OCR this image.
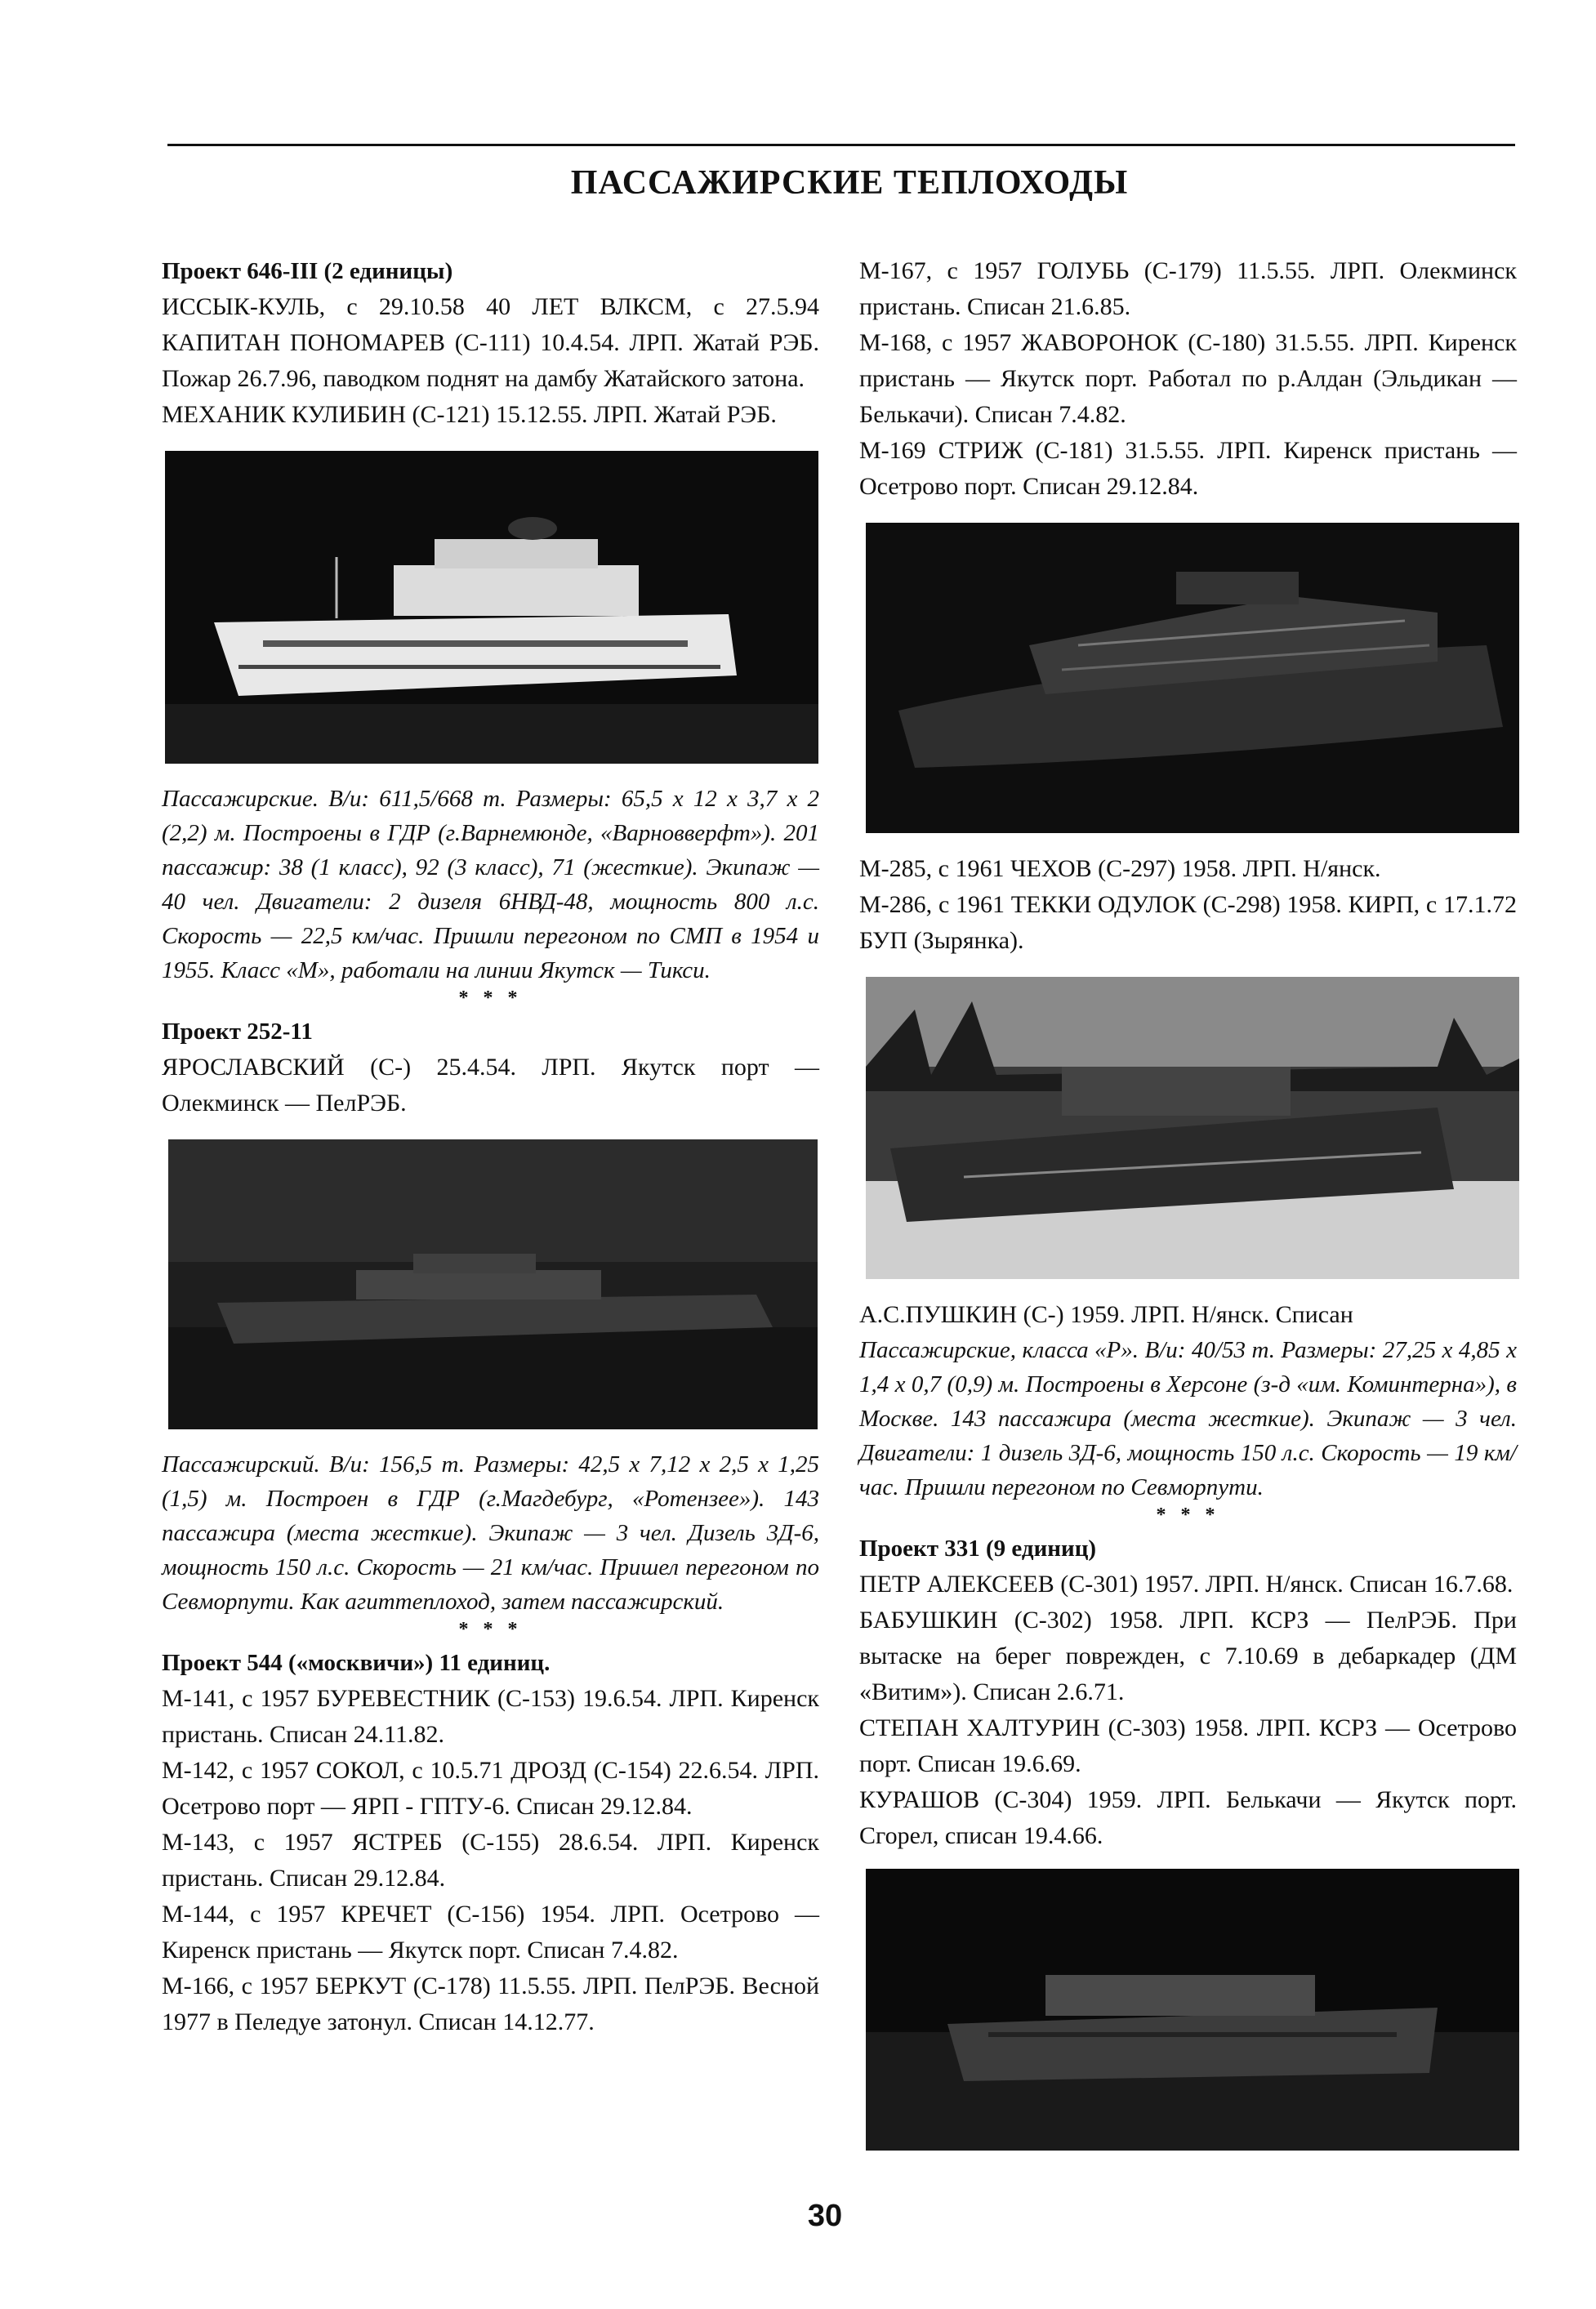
ПАССАЖИРСКИЕ ТЕПЛОХОДЫ

Проект 646-III (2 единицы)

ИССЫК-КУЛЬ, с 29.10.58 40 ЛЕТ ВЛКСМ, с 27.5.94 КАПИТАН ПОНОМАРЕВ (С-111) 10.4.54. ЛРП. Жатай РЭБ. Пожар 26.7.96, паводком поднят на дамбу Жатайского затона.

МЕХАНИК КУЛИБИН (С-121) 15.12.55. ЛРП. Жатай РЭБ.

Пассажирские. В/и: 611,5/668 т. Размеры: 65,5 х 12 х 3,7 х 2 (2,2) м. Построены в ГДР (г.Варнемюнде, «Варновверфт»). 201 пассажир: 38 (1 класс), 92 (3 класс), 71 (жесткие). Экипаж — 40 чел. Двигатели: 2 дизеля 6НВД-48, мощность 800 л.с. Скорость — 22,5 км/час. Пришли перегоном по СМП в 1954 и 1955. Класс «М», работали на линии Якутск — Тикси.

* * *

Проект 252-11

ЯРОСЛАВСКИЙ (С-) 25.4.54. ЛРП. Якутск порт — Олекминск — ПелРЭБ.

Пассажирский. В/и: 156,5 т. Размеры: 42,5 х 7,12 х 2,5 х 1,25 (1,5) м. Построен в ГДР (г.Магдебург, «Ротензее»). 143 пассажира (места жесткие). Экипаж — 3 чел. Дизель 3Д-6, мощность 150 л.с. Скорость — 21 км/час. Пришел перегоном по Севморпути. Как агиттеплоход, затем пассажирский.

* * *

Проект 544 («москвичи») 11 единиц.

М-141, с 1957 БУРЕВЕСТНИК (С-153) 19.6.54. ЛРП. Киренск пристань. Списан 24.11.82.

М-142, с 1957 СОКОЛ, с 10.5.71 ДРОЗД (С-154) 22.6.54. ЛРП. Осетрово порт — ЯРП - ГПТУ-6. Списан 29.12.84.

М-143, с 1957 ЯСТРЕБ (С-155) 28.6.54. ЛРП. Киренск пристань. Списан 29.12.84.

М-144, с 1957 КРЕЧЕТ (С-156) 1954. ЛРП. Осетрово — Киренск пристань — Якутск порт. Списан 7.4.82.

М-166, с 1957 БЕРКУТ (С-178) 11.5.55. ЛРП. ПелРЭБ. Весной 1977 в Пеледуе затонул. Списан 14.12.77.

М-167, с 1957 ГОЛУБЬ (С-179) 11.5.55. ЛРП. Олекминск пристань. Списан 21.6.85.

М-168, с 1957 ЖАВОРОНОК (С-180) 31.5.55. ЛРП. Киренск пристань — Якутск порт. Работал по р.Алдан (Эльдикан — Белькачи). Списан 7.4.82.

М-169 СТРИЖ (С-181) 31.5.55. ЛРП. Киренск пристань — Осетрово порт. Списан 29.12.84.

М-285, с 1961 ЧЕХОВ (С-297) 1958. ЛРП. Н/янск.

М-286, с 1961 ТЕККИ ОДУЛОК (С-298) 1958. КИРП, с 17.1.72 БУП (Зырянка).

А.С.ПУШКИН (С-) 1959. ЛРП. Н/янск. Списан

Пассажирские, класса «Р». В/и: 40/53 т. Размеры: 27,25 х 4,85 х 1,4 х 0,7 (0,9) м. Построены в Херсоне (з-д «им. Коминтерна»), в Москве. 143 пассажира (места жесткие). Экипаж — 3 чел. Двигатели: 1 дизель 3Д-6, мощность 150 л.с. Скорость — 19 км/час. Пришли перегоном по Севморпути.

* * *

Проект 331 (9 единиц)

ПЕТР АЛЕКСЕЕВ (С-301) 1957. ЛРП. Н/янск. Списан 16.7.68.

БАБУШКИН (С-302) 1958. ЛРП. КСРЗ — ПелРЭБ. При вытаске на берег поврежден, с 7.10.69 в дебаркадер (ДМ «Витим»). Списан 2.6.71.

СТЕПАН ХАЛТУРИН (С-303) 1958. ЛРП. КСРЗ — Осетрово порт. Списан 19.6.69.

КУРАШОВ (С-304) 1959. ЛРП. Белькачи — Якутск порт. Сгорел, списан 19.4.66.

30
